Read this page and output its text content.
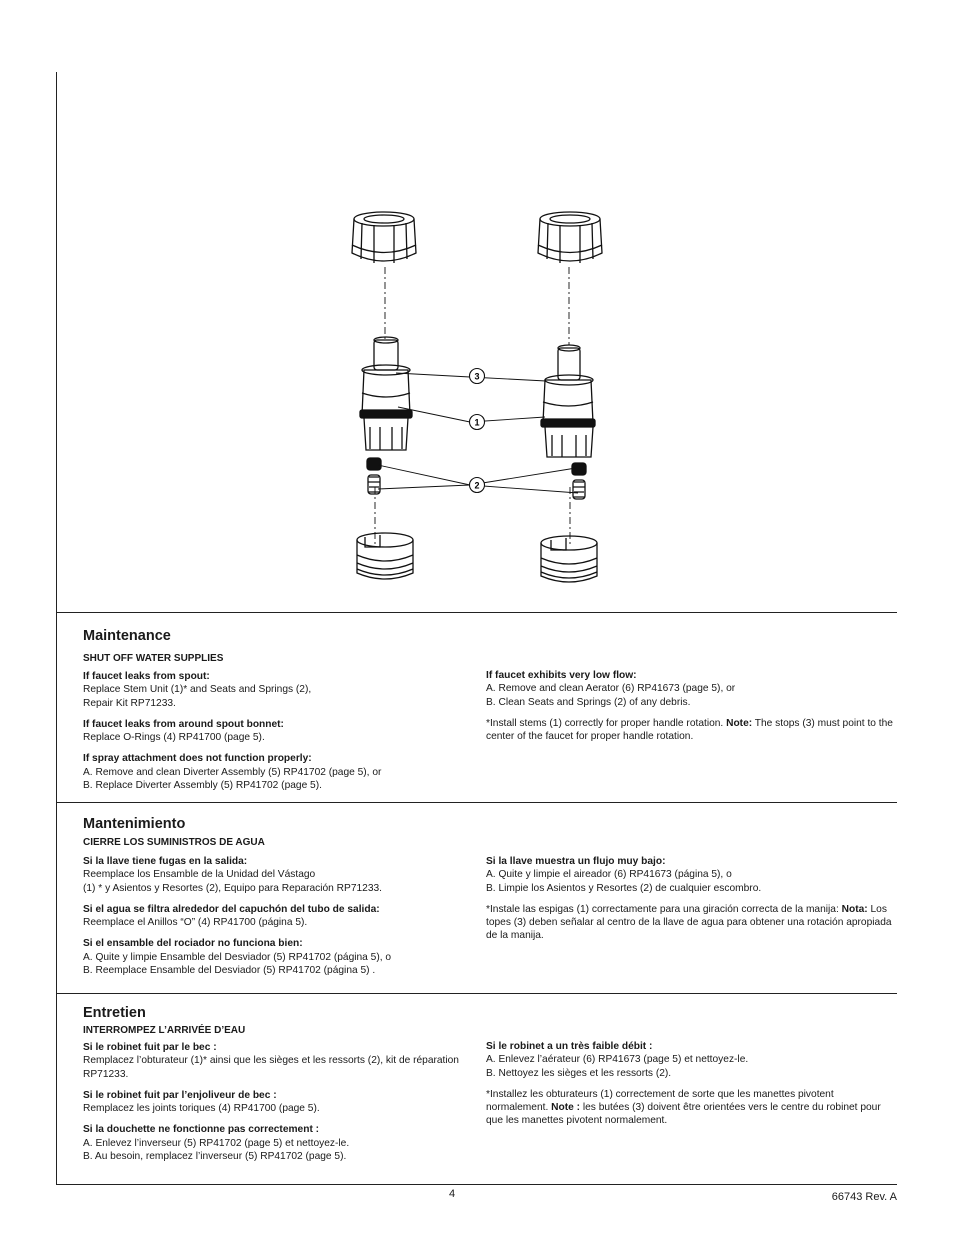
3
1
2
Maintenance
SHUT OFF WATER SUPPLIES
If faucet leaks from spout:
Replace Stem Unit (1)* and Seats and Springs (2),
Repair Kit RP71233.
If faucet leaks from around spout bonnet:
Replace O-Rings (4) RP41700 (page 5).
If spray attachment does not function properly:
A. Remove and clean Diverter Assembly (5) RP41702 (page 5), or
B. Replace Diverter Assembly (5) RP41702 (page 5).
If faucet exhibits very low flow:
A. Remove and clean Aerator (6) RP41673 (page 5), or
B. Clean Seats and Springs (2) of any debris.
*Install stems (1) correctly for proper handle rotation. Note: The stops (3) must point to the center of the faucet for proper handle rotation.
Mantenimiento
CIERRE LOS SUMINISTROS DE AGUA
Si la llave tiene fugas en la salida:
Reemplace los Ensamble de la Unidad del Vástago
(1) * y Asientos y Resortes (2), Equipo para Reparación RP71233.
Si el agua se filtra alrededor del capuchón del tubo de salida:
Reemplace el Anillos “O” (4) RP41700 (página 5).
Si el ensamble del rociador no funciona bien:
A. Quite y limpie Ensamble del Desviador (5) RP41702 (página 5), o
B. Reemplace Ensamble del Desviador (5) RP41702 (página 5) .
Si la llave muestra un flujo muy bajo:
A. Quite y limpie el aireador (6) RP41673 (página 5), o
B. Limpie los Asientos y Resortes (2) de cualquier escombro.
*Instale las espigas (1) correctamente para una giración correcta de la manija: Nota: Los topes (3) deben señalar al centro de la llave de agua para obtener una rotación apropiada de la manija.
Entretien
INTERROMPEZ L’ARRIVÉE D’EAU
Si le robinet fuit par le bec :
Remplacez l’obturateur (1)* ainsi que les sièges et les ressorts (2), kit de réparation RP71233.
Si le robinet fuit par l’enjoliveur de bec :
Remplacez les joints toriques (4) RP41700 (page 5).
Si la douchette ne fonctionne pas correctement :
A. Enlevez l’inverseur (5) RP41702 (page 5) et nettoyez-le.
B. Au besoin, remplacez l’inverseur (5) RP41702 (page 5).
Si le robinet a un très faible débit :
A. Enlevez l’aérateur (6) RP41673 (page 5) et nettoyez-le.
B. Nettoyez les sièges et les ressorts (2).
*Installez les obturateurs (1) correctement de sorte que les manettes pivotent normalement. Note : les butées (3) doivent être orientées vers le centre du robinet pour que les manettes pivotent normalement.
4	66743 Rev. A
